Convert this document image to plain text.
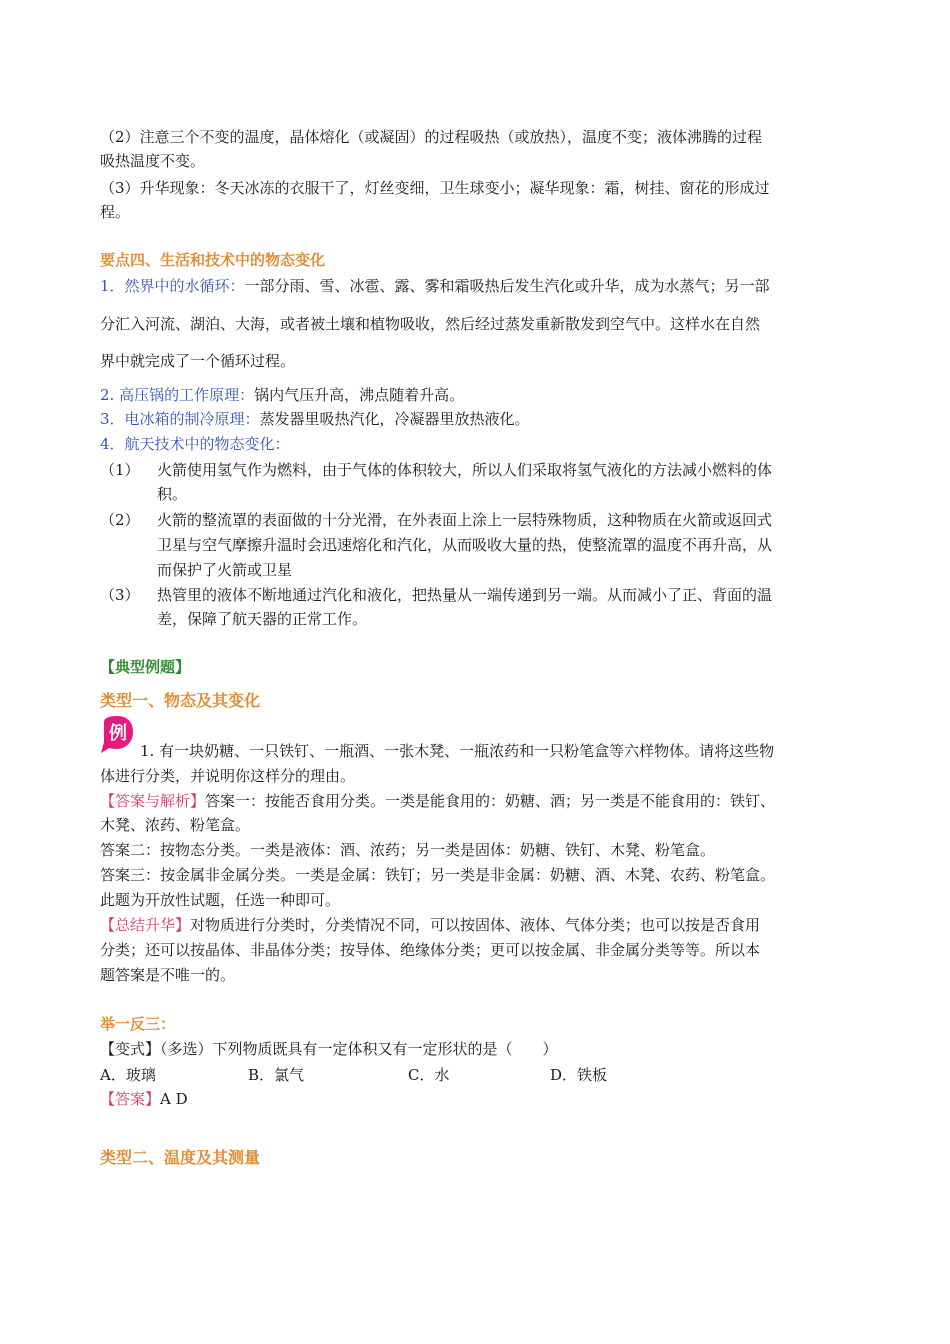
（2）注意三个不变的温度，晶体熔化（或凝固）的过程吸热（或放热），温度不变；液体沸腾的过程
吸热温度不变。
（3）升华现象：冬天冰冻的衣服干了，灯丝变细，卫生球变小；凝华现象：霜，树挂、窗花的形成过
程。
要点四、生活和技术中的物态变化
1．然界中的水循环：一部分雨、雪、冰雹、露、雾和霜吸热后发生汽化或升华，成为水蒸气；另一部
分汇入河流、湖泊、大海，或者被土壤和植物吸收，然后经过蒸发重新散发到空气中。这样水在自然
界中就完成了一个循环过程。
2. 高压锅的工作原理：锅内气压升高，沸点随着升高。
3．电冰箱的制冷原理：蒸发器里吸热汽化，冷凝器里放热液化。
4．航天技术中的物态变化：
（1） 火箭使用氢气作为燃料，由于气体的体积较大，所以人们采取将氢气液化的方法减小燃料的体
积。
（2） 火箭的整流罩的表面做的十分光滑，在外表面上涂上一层特殊物质，这种物质在火箭或返回式
卫星与空气摩擦升温时会迅速熔化和汽化，从而吸收大量的热，使整流罩的温度不再升高，从
而保护了火箭或卫星
（3） 热管里的液体不断地通过汽化和液化，把热量从一端传递到另一端。从而减小了正、背面的温
差，保障了航天器的正常工作。
【典型例题】
类型一、物态及其变化
例
1. 有一块奶糖、一只铁钉、一瓶酒、一张木凳、一瓶浓药和一只粉笔盒等六样物体。请将这些物
体进行分类，并说明你这样分的理由。
【答案与解析】答案一：按能否食用分类。一类是能食用的：奶糖、酒；另一类是不能食用的：铁钉、
木凳、浓药、粉笔盒。
答案二：按物态分类。一类是液体：酒、浓药；另一类是固体：奶糖、铁钉、木凳、粉笔盒。
答案三：按金属非金属分类。一类是金属：铁钉；另一类是非金属：奶糖、酒、木凳、农药、粉笔盒。
此题为开放性试题，任选一种即可。
【总结升华】对物质进行分类时，分类情况不同，可以按固体、液体、气体分类；也可以按是否食用
分类；还可以按晶体、非晶体分类；按导体、绝缘体分类；更可以按金属、非金属分类等等。所以本
题答案是不唯一的。
举一反三：
【变式】（多选）下列物质既具有一定体积又有一定形状的是（　　）
A．玻璃	B．氯气	C．水	D．铁板
【答案】A D
类型二、温度及其测量
